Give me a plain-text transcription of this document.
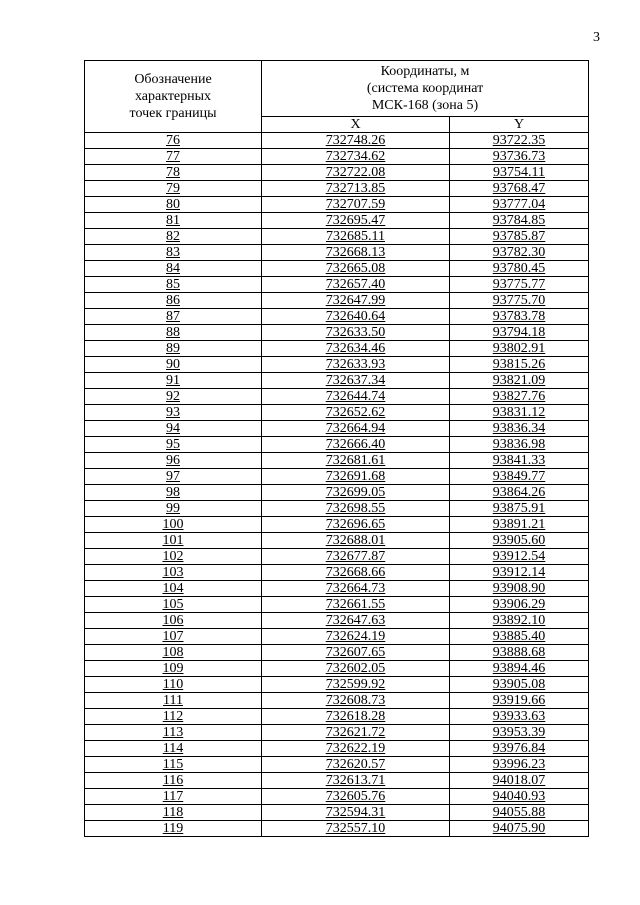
3
Обозначение
характерных
точек границы	Координаты, м
(система координат
МСК-168 (зона 5)	

	X	Y
76	732748.26	93722.35
77	732734.62	93736.73
78	732722.08	93754.11
79	732713.85	93768.47
80	732707.59	93777.04
81	732695.47	93784.85
82	732685.11	93785.87
83	732668.13	93782.30
84	732665.08	93780.45
85	732657.40	93775.77
86	732647.99	93775.70
87	732640.64	93783.78
88	732633.50	93794.18
89	732634.46	93802.91
90	732633.93	93815.26
91	732637.34	93821.09
92	732644.74	93827.76
93	732652.62	93831.12
94	732664.94	93836.34
95	732666.40	93836.98
96	732681.61	93841.33
97	732691.68	93849.77
98	732699.05	93864.26
99	732698.55	93875.91
100	732696.65	93891.21
101	732688.01	93905.60
102	732677.87	93912.54
103	732668.66	93912.14
104	732664.73	93908.90
105	732661.55	93906.29
106	732647.63	93892.10
107	732624.19	93885.40
108	732607.65	93888.68
109	732602.05	93894.46
110	732599.92	93905.08
111	732608.73	93919.66
112	732618.28	93933.63
113	732621.72	93953.39
114	732622.19	93976.84
115	732620.57	93996.23
116	732613.71	94018.07
117	732605.76	94040.93
118	732594.31	94055.88
119	732557.10	94075.90
